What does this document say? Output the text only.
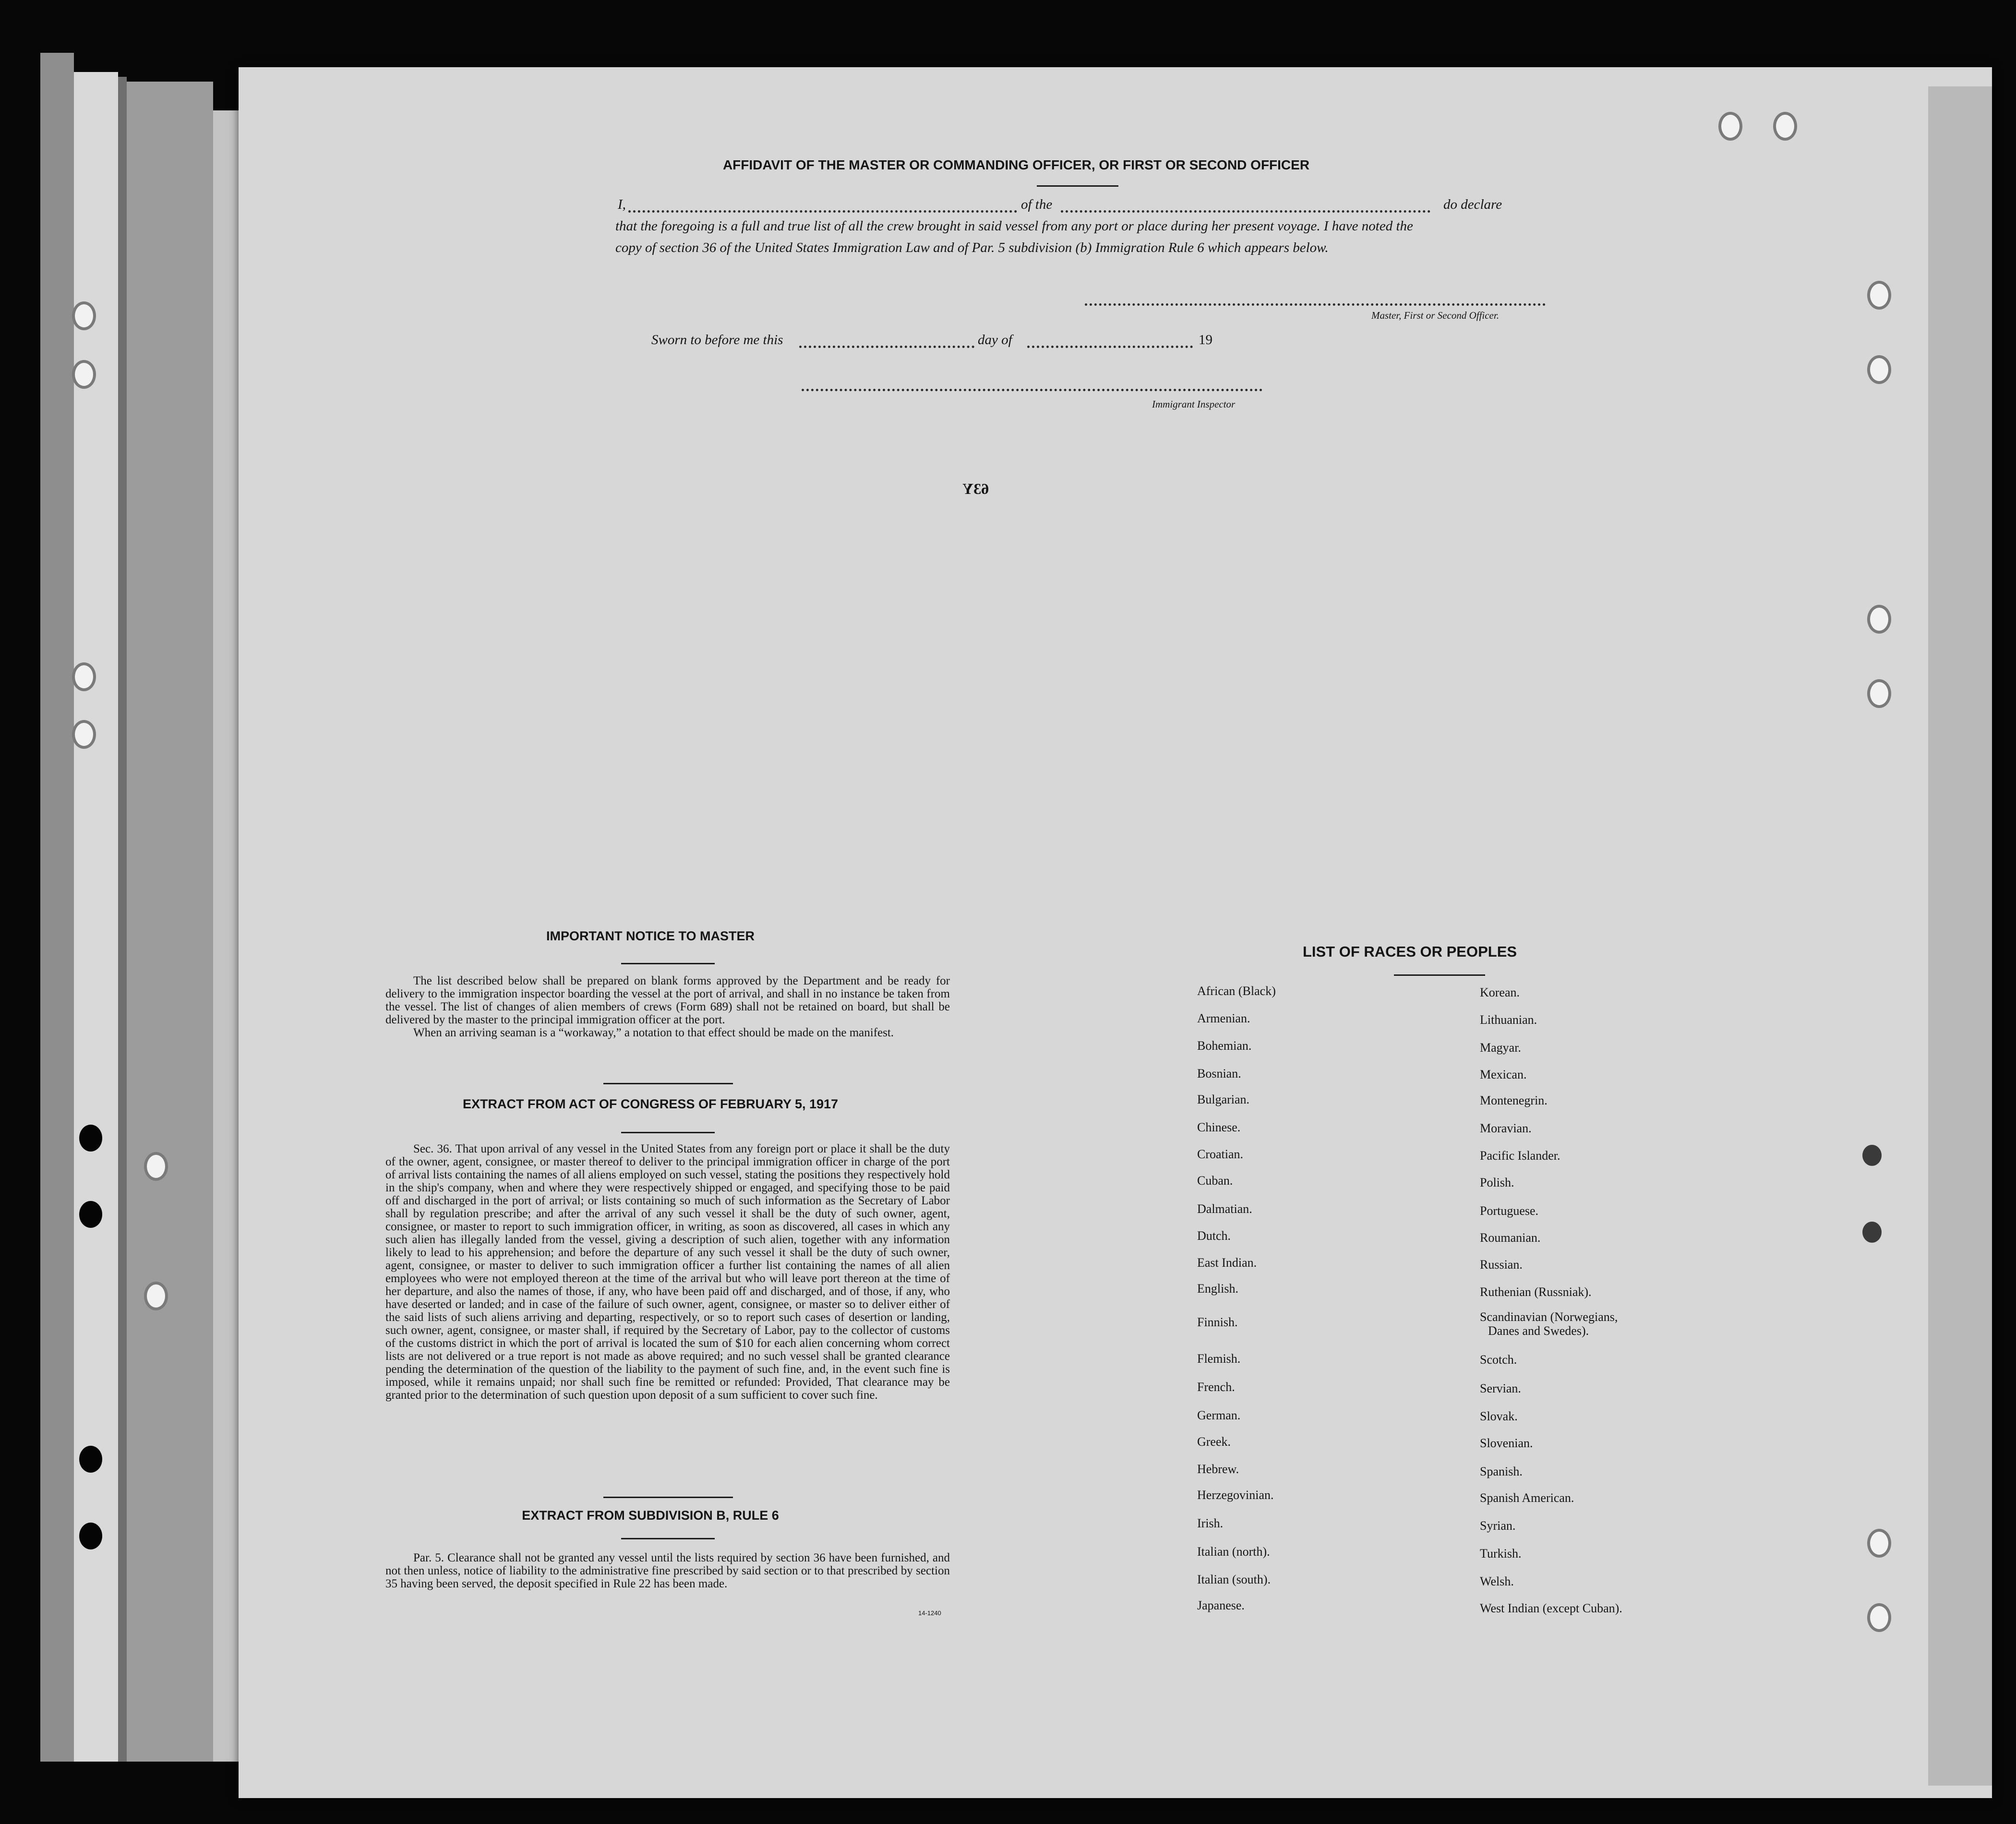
AFFIDAVIT OF THE MASTER OR COMMANDING OFFICER, OR FIRST OR SECOND OFFICER
I,	of the	do declare
that the foregoing is a full and true list of all the crew brought in said vessel from any port or place during her present voyage. I have noted the
copy of section 36 of the United States Immigration Law and of Par. 5 subdivision (b) Immigration Rule 6 which appears below.
Master, First or Second Officer.
Sworn to before me this	day of	19
Immigrant Inspector
63Y
IMPORTANT NOTICE TO MASTER

The list described below shall be prepared on blank forms approved by the Department and be ready for delivery to the immigration inspector boarding the vessel at the port of arrival, and shall in no instance be taken from the vessel. The list of changes of alien members of crews (Form 689) shall not be retained on board, but shall be delivered by the master to the principal immigration officer at the port.

When an arriving seaman is a “workaway,” a notation to that effect should be made on the manifest.

EXTRACT FROM ACT OF CONGRESS OF FEBRUARY 5, 1917

Sec. 36. That upon arrival of any vessel in the United States from any foreign port or place it shall be the duty of the owner, agent, consignee, or master thereof to deliver to the principal immigration officer in charge of the port of arrival lists containing the names of all aliens employed on such vessel, stating the positions they respectively hold in the ship's company, when and where they were respectively shipped or engaged, and specifying those to be paid off and discharged in the port of arrival; or lists containing so much of such information as the Secretary of Labor shall by regulation prescribe; and after the arrival of any such vessel it shall be the duty of such owner, agent, consignee, or master to report to such immigration officer, in writing, as soon as discovered, all cases in which any such alien has illegally landed from the vessel, giving a description of such alien, together with any information likely to lead to his apprehension; and before the departure of any such vessel it shall be the duty of such owner, agent, consignee, or master to deliver to such immigration officer a further list containing the names of all alien employees who were not employed thereon at the time of the arrival but who will leave port thereon at the time of her departure, and also the names of those, if any, who have been paid off and discharged, and of those, if any, who have deserted or landed; and in case of the failure of such owner, agent, consignee, or master so to deliver either of the said lists of such aliens arriving and departing, respectively, or so to report such cases of desertion or landing, such owner, agent, consignee, or master shall, if required by the Secretary of Labor, pay to the collector of customs of the customs district in which the port of arrival is located the sum of $10 for each alien concerning whom correct lists are not delivered or a true report is not made as above required; and no such vessel shall be granted clearance pending the determination of the question of the liability to the payment of such fine, and, in the event such fine is imposed, while it remains unpaid; nor shall such fine be remitted or refunded: Provided, That clearance may be granted prior to the determination of such question upon deposit of a sum sufficient to cover such fine.

EXTRACT FROM SUBDIVISION B, RULE 6

Par. 5. Clearance shall not be granted any vessel until the lists required by section 36 have been furnished, and not then unless, notice of liability to the administrative fine prescribed by said section or to that prescribed by section 35 having been served, the deposit specified in Rule 22 has been made.

14-1240
LIST OF RACES OR PEOPLES
African (Black)
Armenian.
Bohemian.
Bosnian.
Bulgarian.
Chinese.
Croatian.
Cuban.
Dalmatian.
Dutch.
East Indian.
English.
Finnish.
Flemish.
French.
German.
Greek.
Hebrew.
Herzegovinian.
Irish.
Italian (north).
Italian (south).
Japanese.
Korean.
Lithuanian.
Magyar.
Mexican.
Montenegrin.
Moravian.
Pacific Islander.
Polish.
Portuguese.
Roumanian.
Russian.
Ruthenian (Russniak).
Scandinavian (Norwegians,
Danes and Swedes).
Scotch.
Servian.
Slovak.
Slovenian.
Spanish.
Spanish American.
Syrian.
Turkish.
Welsh.
West Indian (except Cuban).
